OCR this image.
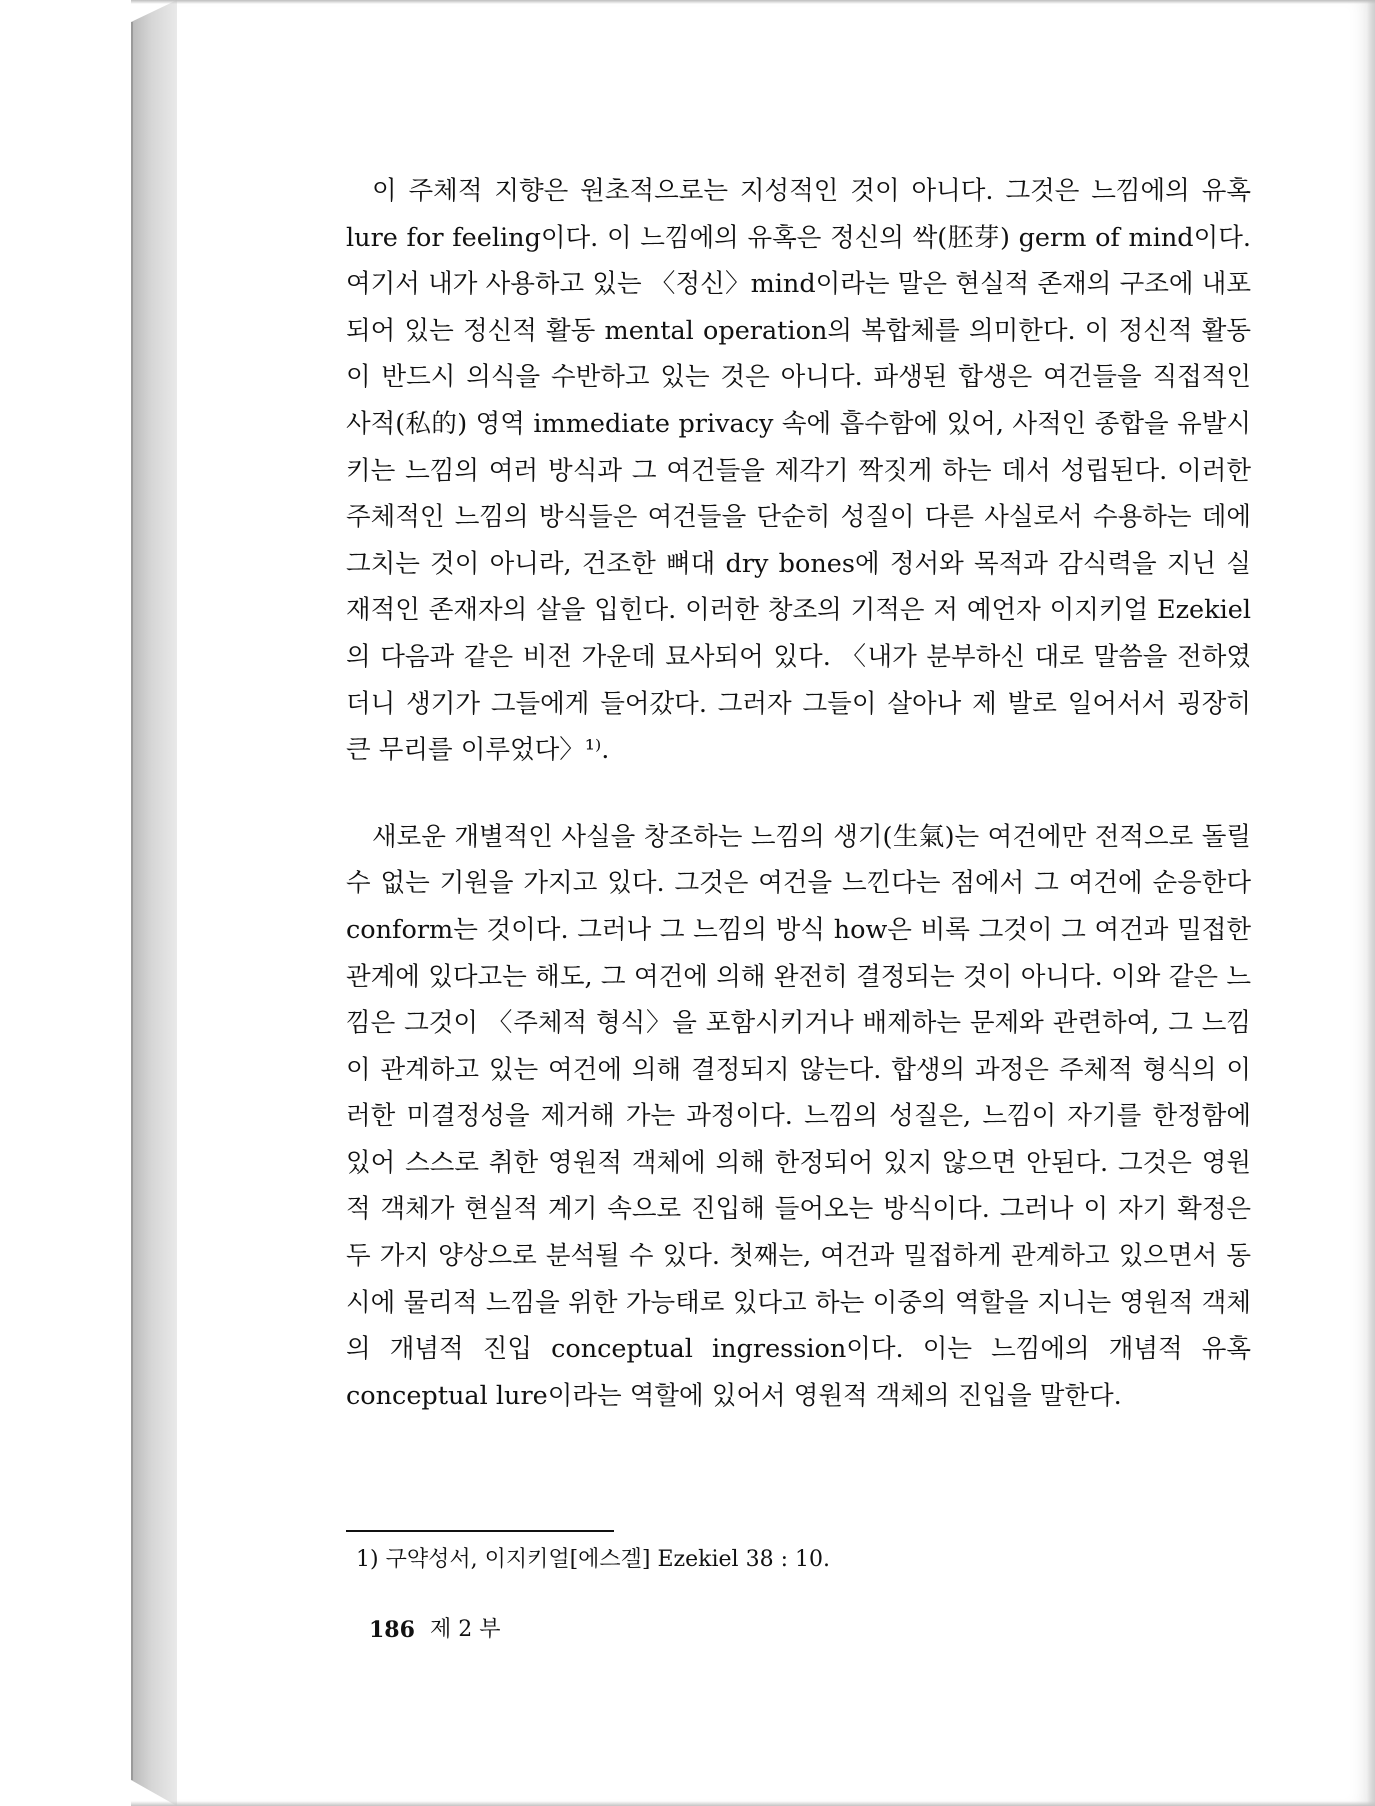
이 주체적 지향은 원초적으로는 지성적인 것이 아니다. 그것은 느낌에의 유혹 lure for feeling이다. 이 느낌에의 유혹은 정신의 싹(胚芽) germ of mind이다. 여기서 내가 사용하고 있는 〈정신〉mind이라는 말은 현실적 존재의 구조에 내포되어 있는 정신적 활동 mental operation의 복합체를 의미한다. 이 정신적 활동이 반드시 의식을 수반하고 있는 것은 아니다. 파생된 합생은 여건들을 직접적인 사적(私的) 영역 immediate privacy 속에 흡수함에 있어, 사적인 종합을 유발시키는 느낌의 여러 방식과 그 여건들을 제각기 짝짓게 하는 데서 성립된다. 이러한 주체적인 느낌의 방식들은 여건들을 단순히 성질이 다른 사실로서 수용하는 데에 그치는 것이 아니라, 건조한 뼈대 dry bones에 정서와 목적과 감식력을 지닌 실재적인 존재자의 살을 입힌다. 이러한 창조의 기적은 저 예언자 이지키얼 Ezekiel의 다음과 같은 비전 가운데 묘사되어 있다. 〈내가 분부하신 대로 말씀을 전하였더니 생기가 그들에게 들어갔다. 그러자 그들이 살아나 제 발로 일어서서 굉장히 큰 무리를 이루었다〉¹⁾.

새로운 개별적인 사실을 창조하는 느낌의 생기(生氣)는 여건에만 전적으로 돌릴 수 없는 기원을 가지고 있다. 그것은 여건을 느낀다는 점에서 그 여건에 순응한다 conform는 것이다. 그러나 그 느낌의 방식 how은 비록 그것이 그 여건과 밀접한 관계에 있다고는 해도, 그 여건에 의해 완전히 결정되는 것이 아니다. 이와 같은 느낌은 그것이 〈주체적 형식〉을 포함시키거나 배제하는 문제와 관련하여, 그 느낌이 관계하고 있는 여건에 의해 결정되지 않는다. 합생의 과정은 주체적 형식의 이러한 미결정성을 제거해 가는 과정이다. 느낌의 성질은, 느낌이 자기를 한정함에 있어 스스로 취한 영원적 객체에 의해 한정되어 있지 않으면 안된다. 그것은 영원적 객체가 현실적 계기 속으로 진입해 들어오는 방식이다. 그러나 이 자기 확정은 두 가지 양상으로 분석될 수 있다. 첫째는, 여건과 밀접하게 관계하고 있으면서 동시에 물리적 느낌을 위한 가능태로 있다고 하는 이중의 역할을 지니는 영원적 객체의 개념적 진입 conceptual ingression이다. 이는 느낌에의 개념적 유혹 conceptual lure이라는 역할에 있어서 영원적 객체의 진입을 말한다.

1) 구약성서, 이지키얼[에스겔] Ezekiel 38 : 10.
186 제 2 부
